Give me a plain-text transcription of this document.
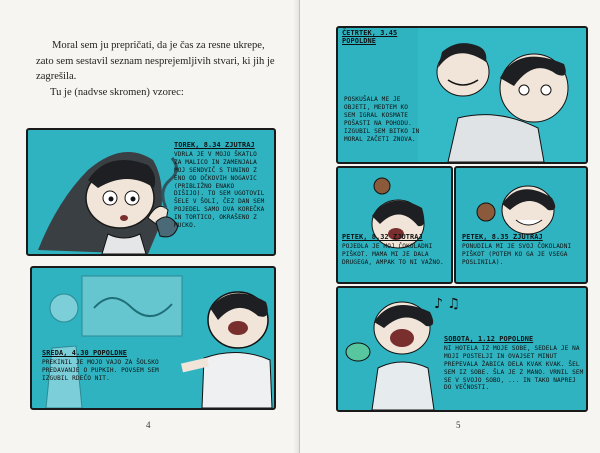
Moral sem ju prepričati, da je čas za resne ukrepe, zato sem sestavil seznam nesprejemljivih stvari, ki jih je zagrešila.

Tu je (nadvse skromen) vzorec:

TOREK, 8.34 ZJUTRAJ
VDRLA JE V MOJO ŠKATLO ZA MALICO IN ZAMENJALA MOJ SENDVIČ S TUNINO Z ENO OD OČKOVIH NOGAVIC (PRIBLIŽNO ENAKO DIŠIJO). TO SEM UGOTOVIL ŠELE V ŠOLI, ČEZ DAN SEM POJEDEL SAMO DVA KOREČKA IN TORTICO, OKRAŠENO Z MUCKO.
SREDA, 4.30 POPOLDNE
PREKINIL JE MOJO VAJO ZA ŠOLSKO PREDAVANJE O PUPKIH. POVSEM SEM IZGUBIL RDEČO NIT.
4
ČETRTEK, 3.45 POPOLDNE
POSKUŠALA ME JE OBJETI, MEDTEM KO SEM IGRAL KOSMATE POŠASTI NA POHODU. IZGUBIL SEM BITKO IN MORAL ZAČETI ZNOVA.
PETEK, 8.32 ZJUTRAJ
POJEDLA JE MOJ ČOKOLADNI PIŠKOT. MAMA MI JE DALA DRUGEGA, AMPAK TO NI VAŽNO.
PETEK, 8.35 ZJUTRAJ
PONUDILA MI JE SVOJ ČOKOLADNI PIŠKOT (POTEM KO GA JE VSEGA POSLINILA).
♪ ♫
SOBOTA, 1.12 POPOLDNE
NI HOTELA IZ MOJE SOBE, SEDELA JE NA MOJI POSTELJI IN OVAJSET MINUT PREPEVALA ŽABICA DELA KVAK KVAK. ŠEL SEM IZ SOBE. ŠLA JE Z MANO. VRNIL SEM SE V SVOJO SOBO, ... IN TAKO NAPREJ DO VEČNOSTI.
5
